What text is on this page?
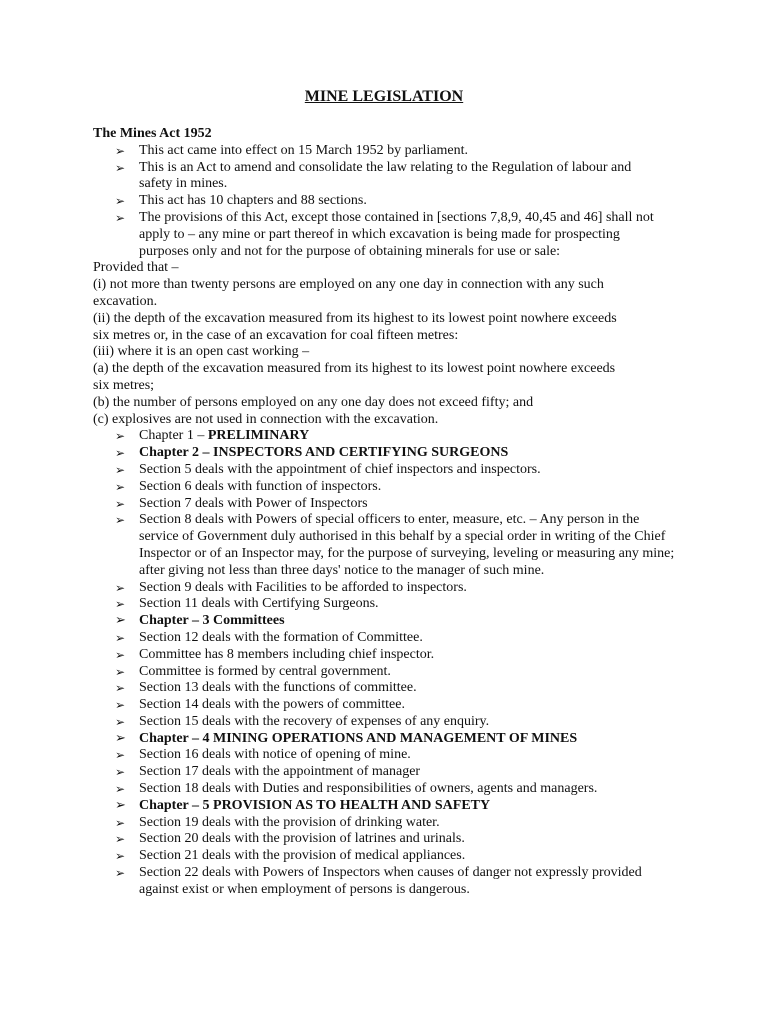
MINE LEGISLATION
The Mines Act 1952
➢ This act came into effect on 15 March 1952 by parliament.
➢ This is an Act to amend and consolidate the law relating to the Regulation of labour and safety in mines.
➢ This act has 10 chapters and 88 sections.
➢ The provisions of this Act, except those contained in [sections 7,8,9, 40,45 and 46] shall not apply to – any mine or part thereof in which excavation is being made for prospecting purposes only and not for the purpose of obtaining minerals for use or sale:
Provided that –
(i) not more than twenty persons are employed on any one day in connection with any such
excavation.
(ii) the depth of the excavation measured from its highest to its lowest point nowhere exceeds
six metres or, in the case of an excavation for coal fifteen metres:
(iii) where it is an open cast working –
(a) the depth of the excavation measured from its highest to its lowest point nowhere exceeds
six metres;
(b) the number of persons employed on any one day does not exceed fifty; and
(c) explosives are not used in connection with the excavation.
➢ Chapter 1 – PRELIMINARY
➢ Chapter 2 – INSPECTORS AND CERTIFYING SURGEONS
➢ Section 5 deals with the appointment of chief inspectors and inspectors.
➢ Section 6 deals with function of inspectors.
➢ Section 7 deals with Power of Inspectors
➢ Section 8 deals with Powers of special officers to enter, measure, etc. – Any person in the service of Government duly authorised in this behalf by a special order in writing of the Chief Inspector or of an Inspector may, for the purpose of surveying, leveling or measuring any mine; after giving not less than three days' notice to the manager of such mine.
➢ Section 9 deals with Facilities to be afforded to inspectors.
➢ Section 11 deals with Certifying Surgeons.
➢ Chapter – 3 Committees
➢ Section 12 deals with the formation of Committee.
➢ Committee has 8 members including chief inspector.
➢ Committee is formed by central government.
➢ Section 13 deals with the functions of committee.
➢ Section 14 deals with the powers of committee.
➢ Section 15 deals with the recovery of expenses of any enquiry.
➢ Chapter – 4 MINING OPERATIONS AND MANAGEMENT OF MINES
➢ Section 16 deals with notice of opening of mine.
➢ Section 17 deals with the appointment of manager
➢ Section 18 deals with Duties and responsibilities of owners, agents and managers.
➢ Chapter – 5 PROVISION AS TO HEALTH AND SAFETY
➢ Section 19 deals with the provision of drinking water.
➢ Section 20 deals with the provision of latrines and urinals.
➢ Section 21 deals with the provision of medical appliances.
➢ Section 22 deals with Powers of Inspectors when causes of danger not expressly provided against exist or when employment of persons is dangerous.
